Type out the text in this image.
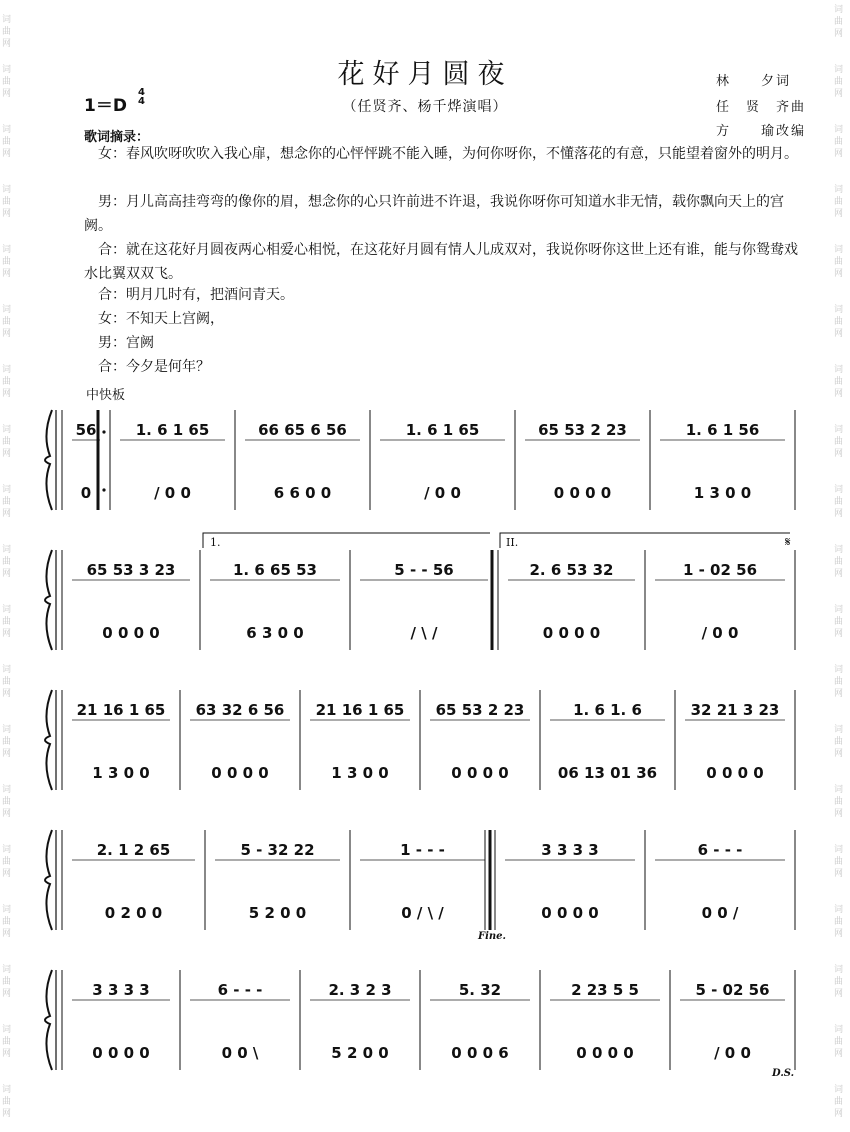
词曲网
词曲网
词曲网
词曲网
词曲网
词曲网
词曲网
词曲网
词曲网
词曲网
词曲网
词曲网
词曲网
词曲网
词曲网
词曲网
词曲网
词曲网
词曲网
词曲网
词曲网
词曲网
词曲网
词曲网
词曲网
词曲网
词曲网
词曲网
词曲网
词曲网
词曲网
词曲网
词曲网
词曲网
词曲网
词曲网
词曲网
词曲网
花好月圆夜
（任贤齐、杨千烨演唱）
1＝D
4
4
林　　夕词
任　贤　齐曲
方　　瑜改编
歌词摘录：
　女：春风吹呀吹吹入我心扉，想念你的心怦怦跳不能入睡，为何你呀你，不懂落花的有意，只能望着窗外的明月。
　男：月儿高高挂弯弯的像你的眉，想念你的心只许前进不许退，我说你呀你可知道水非无情，载你飘向天上的宫阙。
　合：就在这花好月圆夜两心相爱心相悦，在这花好月圆有情人儿成双对，我说你呀你这世上还有谁，能与你鸳鸯戏水比翼双双飞。
　合：明月几时有，把酒问青天。
　女：不知天上宫阙，
　男：宫阙
　合：今夕是何年？
中快板
56
0
1. 6 1 65
/ 0 0
66 65 6 56
6 6 0 0
1. 6 1 65
/ 0 0
65 53 2 23
0 0 0 0
1. 6 1 56
1 3 0 0
65 53 3 23
0 0 0 0
1. 6 65 53
6 3 0 0
5 - - 56
/ \ /
2. 6 53 32
0 0 0 0
1 - 02 56
/ 0 0
21 16 1 65
1 3 0 0
63 32 6 56
0 0 0 0
21 16 1 65
1 3 0 0
65 53 2 23
0 0 0 0
1. 6 1. 6
06 13 01 36
32 21 3 23
0 0 0 0
2. 1 2 65
0 2 0 0
5 - 32 22
5 2 0 0
1 - - -
0 / \ /
3 3 3 3
0 0 0 0
6 - - -
0 0 /
3 3 3 3
0 0 0 0
6 - - -
0 0 \
2. 3 2 3
5 2 0 0
5. 32
0 0 0 6
2 23 5 5
0 0 0 0
5 - 02 56
/ 0 0
1.	II.	𝄋
Fine.
D.S.
